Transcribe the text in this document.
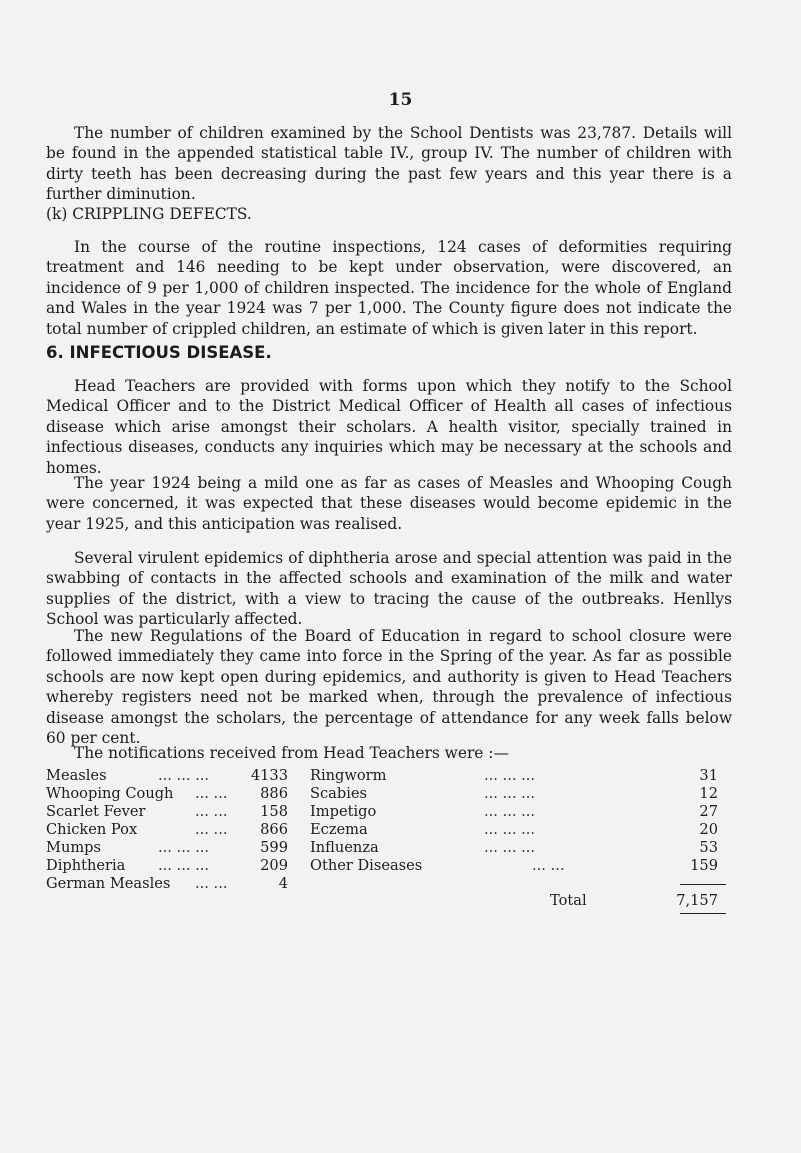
15

The number of children examined by the School Dentists was 23,787. Details will be found in the appended statistical table IV., group IV. The number of children with dirty teeth has been decreasing during the past few years and this year there is a further diminution.

(k) CRIPPLING DEFECTS.

In the course of the routine inspections, 124 cases of deformities requiring treatment and 146 needing to be kept under observation, were discovered, an incidence of 9 per 1,000 of children inspected. The incidence for the whole of England and Wales in the year 1924 was 7 per 1,000. The County figure does not indicate the total number of crippled children, an estimate of which is given later in this report.

6. INFECTIOUS DISEASE.

Head Teachers are provided with forms upon which they notify to the School Medical Officer and to the District Medical Officer of Health all cases of infectious disease which arise amongst their scholars. A health visitor, specially trained in infectious diseases, conducts any inquiries which may be necessary at the schools and homes.

The year 1924 being a mild one as far as cases of Measles and Whooping Cough were concerned, it was expected that these diseases would become epidemic in the year 1925, and this anticipation was realised.

Several virulent epidemics of diphtheria arose and special attention was paid in the swabbing of contacts in the affected schools and examination of the milk and water supplies of the district, with a view to tracing the cause of the outbreaks. Henllys School was particularly affected.

The new Regulations of the Board of Education in regard to school closure were followed immediately they came into force in the Spring of the year. As far as possible schools are now kept open during epidemics, and authority is given to Head Teachers whereby registers need not be marked when, through the prevalence of infectious disease amongst the scholars, the percentage of attendance for any week falls below 60 per cent.

The notifications received from Head Teachers were :—

Measles	... ... ...	4133
Whooping Cough ... ...	886
Scarlet Fever	... ...	158
Chicken Pox	... ...	866
Mumps	... ... ...	599
Diphtheria ... ... ...	209
German Measles ... ...	4
Ringworm	... ... ...	31
Scabies	... ... ...	12
Impetigo	... ... ...	27
Eczema	... ... ...	20
Influenza	... ... ...	53
Other Diseases	... ...	159
Total	7,157
